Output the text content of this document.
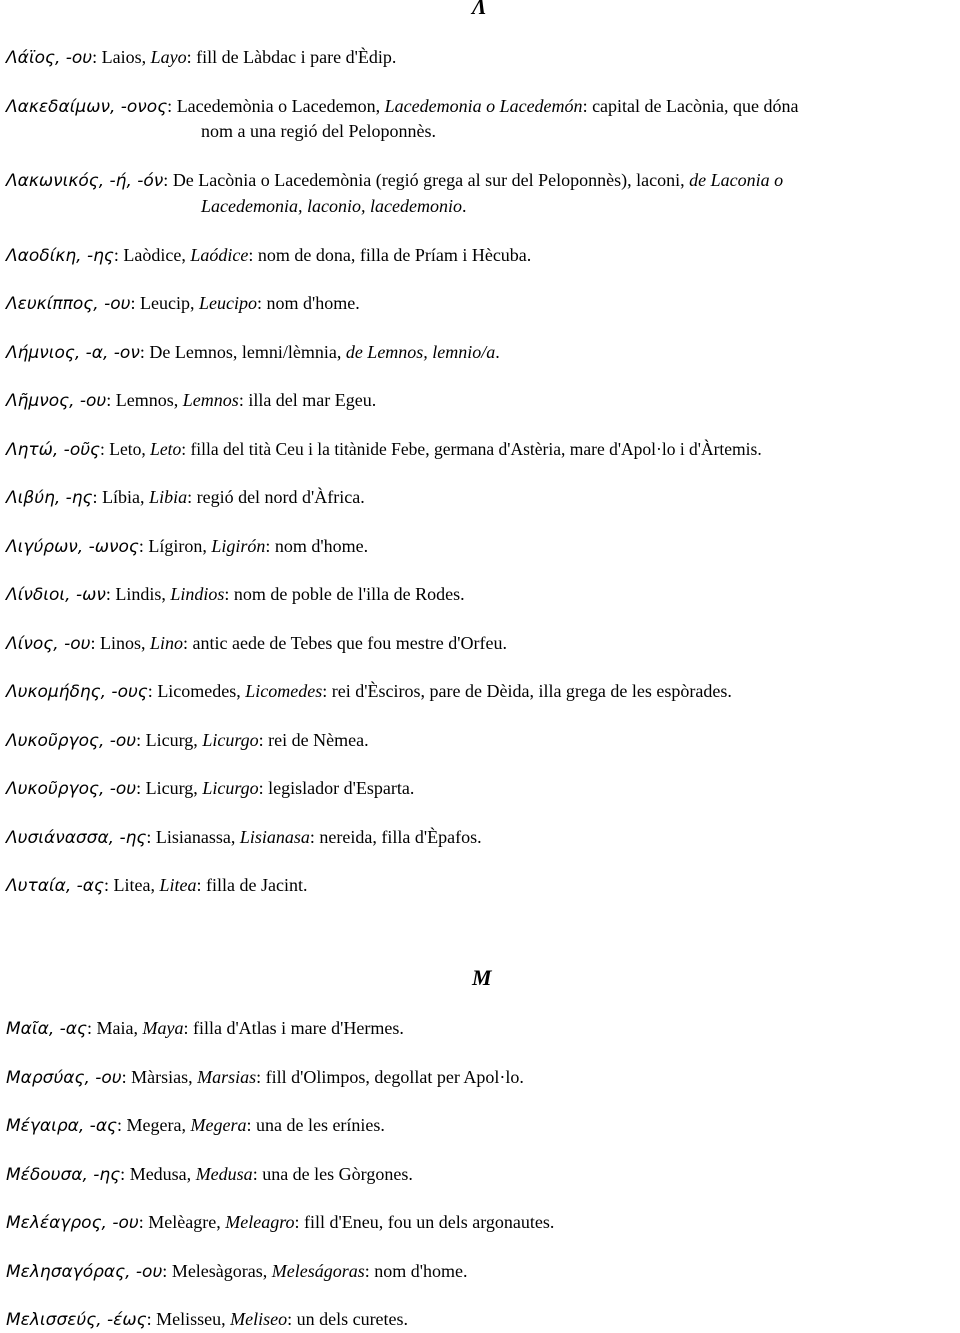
Λ
Λάϊος, -ου: Laios, Layo: fill de Làbdac i pare d'Èdip.
Λακεδαίμων, -ονος: Lacedemònia o Lacedemon, Lacedemonia o Lacedemón: capital de Lacònia, que dóna
nom a una regió del Peloponnès.
Λακωνικός, -ή, -όν: De Lacònia o Lacedemònia (regió grega al sur del Peloponnès), laconi, de Laconia o
Lacedemonia, laconio, lacedemonio.
Λαοδίκη, -ης: Laòdice, Laódice: nom de dona, filla de Príam i Hècuba.
Λευκίππος, -ου: Leucip, Leucipo: nom d'home.
Λήμνιος, -α, -ον: De Lemnos, lemni/lèmnia, de Lemnos, lemnio/a.
Λῆμνος, -ου: Lemnos, Lemnos: illa del mar Egeu.
Λητώ, -οῦς: Leto, Leto: filla del tità Ceu i la titànide Febe, germana d'Astèria, mare d'Apol·lo i d'Àrtemis.
Λιβύη, -ης: Líbia, Libia: regió del nord d'Àfrica.
Λιγύρων, -ωνος: Lígiron, Ligirón: nom d'home.
Λίνδιοι, -ων: Lindis, Lindios: nom de poble de l'illa de Rodes.
Λίνος, -ου: Linos, Lino: antic aede de Tebes que fou mestre d'Orfeu.
Λυκομήδης, -ους: Licomedes, Licomedes: rei d'Èsciros, pare de Dèida, illa grega de les espòrades.
Λυκοῦργος, -ου: Licurg, Licurgo: rei de Nèmea.
Λυκοῦργος, -ου: Licurg, Licurgo: legislador d'Esparta.
Λυσιάνασσα, -ης: Lisianassa, Lisianasa: nereida, filla d'Èpafos.
Λυταία, -ας: Litea, Litea: filla de Jacint.
M
Μαῖα, -ας: Maia, Maya: filla d'Atlas i mare d'Hermes.
Μαρσύας, -ου: Màrsias, Marsias: fill d'Olimpos, degollat per Apol·lo.
Μέγαιρα, -ας: Megera, Megera: una de les erínies.
Μέδουσα, -ης: Medusa, Medusa: una de les Gòrgones.
Μελέαγρος, -ου: Melèagre, Meleagro: fill d'Eneu, fou un dels argonautes.
Μελησαγόρας, -ου: Melesàgoras, Meleságoras: nom d'home.
Μελισσεύς, -έως: Melisseu, Meliseo: un dels curetes.
